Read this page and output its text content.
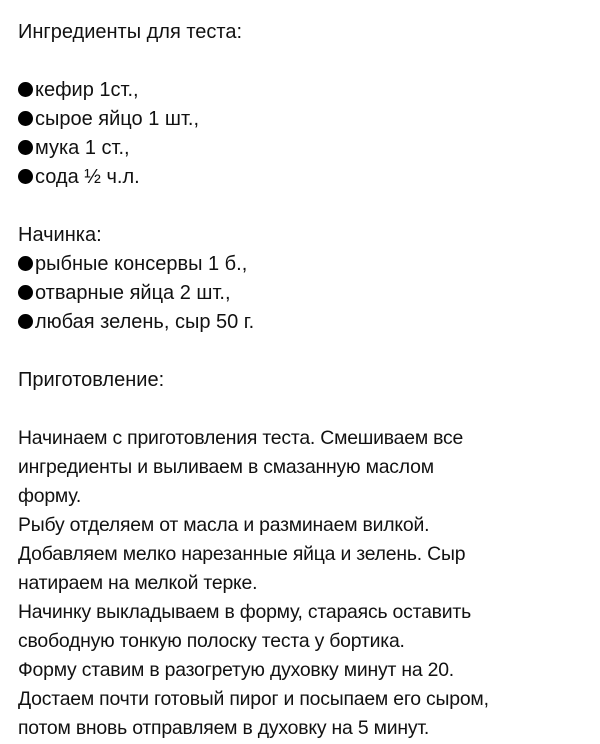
Ингредиенты для теста:
кефир 1ст.,
сырое яйцо 1 шт.,
мука 1 ст.,
сода ½ ч.л.
Начинка:
рыбные консервы 1 б.,
отварные яйца 2 шт.,
любая зелень, сыр 50 г.
Приготовление:
Начинаем с приготовления теста. Смешиваем все
ингредиенты и выливаем в смазанную маслом
форму.
Рыбу отделяем от масла и разминаем вилкой.
Добавляем мелко нарезанные яйца и зелень. Сыр
натираем на мелкой терке.
Начинку выкладываем в форму, стараясь оставить
свободную тонкую полоску теста у бортика.
Форму ставим в разогретую духовку минут на 20.
Достаем почти готовый пирог и посыпаем его сыром,
потом вновь отправляем в духовку на 5 минут.
